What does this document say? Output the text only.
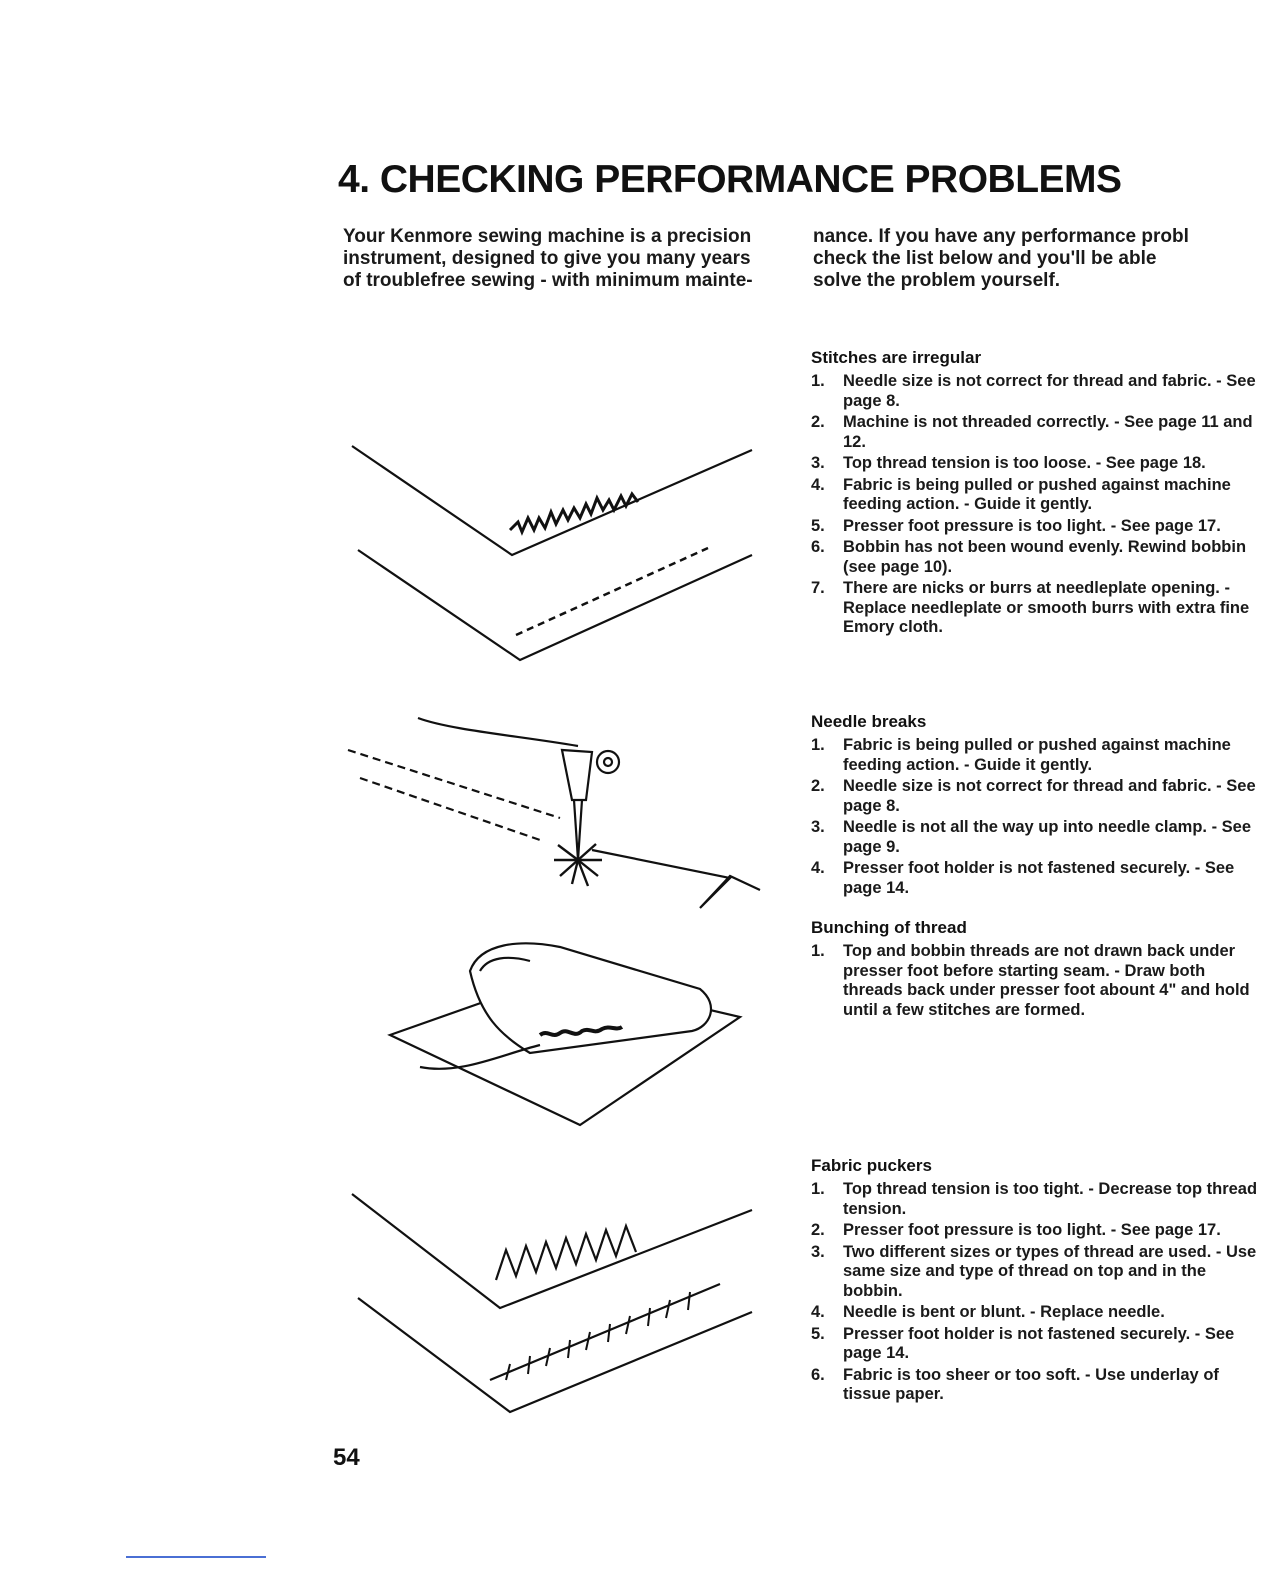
4. CHECKING PERFORMANCE PROBLEMS

Your Kenmore sewing machine is a precision
instrument, designed to give you many years
of troublefree sewing - with minimum mainte-

nance. If you have any performance probl
check the list below and you'll be able
solve the problem yourself.

Stitches are irregular
1.	Needle size is not correct for thread and fabric. - See page 8.
2.	Machine is not threaded correctly. - See page 11 and 12.
3.	Top thread tension is too loose. - See page 18.
4.	Fabric is being pulled or pushed against machine feeding action. - Guide it gently.
5.	Presser foot pressure is too light. - See page 17.
6.	Bobbin has not been wound evenly. Rewind bobbin (see page 10).
7.	There are nicks or burrs at needleplate opening. - Replace needleplate or smooth burrs with extra fine Emory cloth.
Needle breaks
1.	Fabric is being pulled or pushed against machine feeding action. - Guide it gently.
2.	Needle size is not correct for thread and fabric. - See page 8.
3.	Needle is not all the way up into needle clamp. - See page 9.
4.	Presser foot holder is not fastened securely. - See page 14.
Bunching of thread
1.	Top and bobbin threads are not drawn back under presser foot before starting seam. - Draw both threads back under presser foot abount 4" and hold until a few stitches are formed.
Fabric puckers
1.	Top thread tension is too tight. - Decrease top thread tension.
2.	Presser foot pressure is too light. - See page 17.
3.	Two different sizes or types of thread are used. - Use same size and type of thread on top and in the bobbin.
4.	Needle is bent or blunt. - Replace needle.
5.	Presser foot holder is not fastened securely. - See page 14.
6.	Fabric is too sheer or too soft. - Use underlay of tissue paper.

54
